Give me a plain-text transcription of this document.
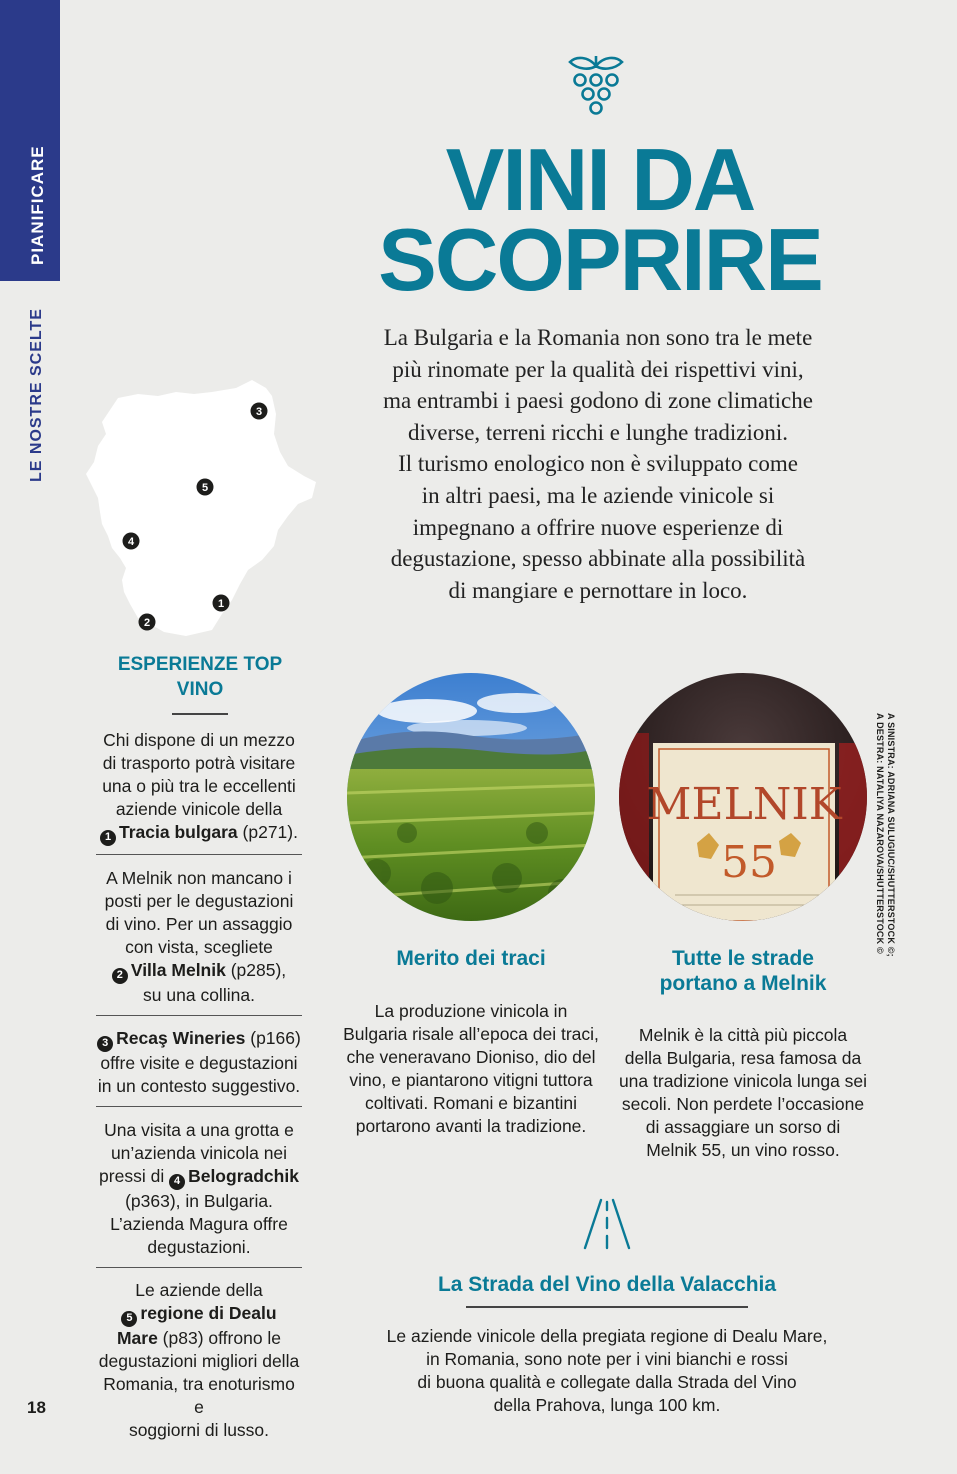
PIANIFICARE
LE NOSTRE SCELTE
VINI DA
SCOPRIRE
La Bulgaria e la Romania non sono tra le mete
più rinomate per la qualità dei rispettivi vini,
ma entrambi i paesi godono di zone climatiche
diverse, terreni ricchi e lunghe tradizioni.
Il turismo enologico non è sviluppato come
in altri paesi, ma le aziende vinicole si
impegnano a offrire nuove esperienze di
degustazione, spesso abbinate alla possibilità
di mangiare e pernottare in loco.
3
5
4
1
2
ESPERIENZE TOP
VINO
Chi dispone di un mezzo
di trasporto potrà visitare
una o più tra le eccellenti
aziende vinicole della
1 Tracia bulgara (p271).
A Melnik non mancano i
posti per le degustazioni
di vino. Per un assaggio
con vista, scegliete
2 Villa Melnik (p285),
su una collina.
3 Recaş Wineries (p166)
offre visite e degustazioni
in un contesto suggestivo.
Una visita a una grotta e
un’azienda vinicola nei
pressi di 4 Belogradchik
(p363), in Bulgaria.
L’azienda Magura offre
degustazioni.
Le aziende della
5 regione di Dealu
Mare (p83) offrono le
degustazioni migliori della
Romania, tra enoturismo e
soggiorni di lusso.
18
MELNIK
55	A SINISTRA: ADRIANA SULUGIUC/SHUTTERSTOCK ©;
A DESTRA: NATALIYA NAZAROVA/SHUTTERSTOCK ©
Merito dei traci
La produzione vinicola in
Bulgaria risale all’epoca dei traci,
che veneravano Dioniso, dio del
vino, e piantarono vitigni tuttora
coltivati. Romani e bizantini
portarono avanti la tradizione.
Tutte le strade
portano a Melnik
Melnik è la città più piccola
della Bulgaria, resa famosa da
una tradizione vinicola lunga sei
secoli. Non perdete l’occasione
di assaggiare un sorso di
Melnik 55, un vino rosso.
La Strada del Vino della Valacchia
Le aziende vinicole della pregiata regione di Dealu Mare,
in Romania, sono note per i vini bianchi e rossi
di buona qualità e collegate dalla Strada del Vino
della Prahova, lunga 100 km.
